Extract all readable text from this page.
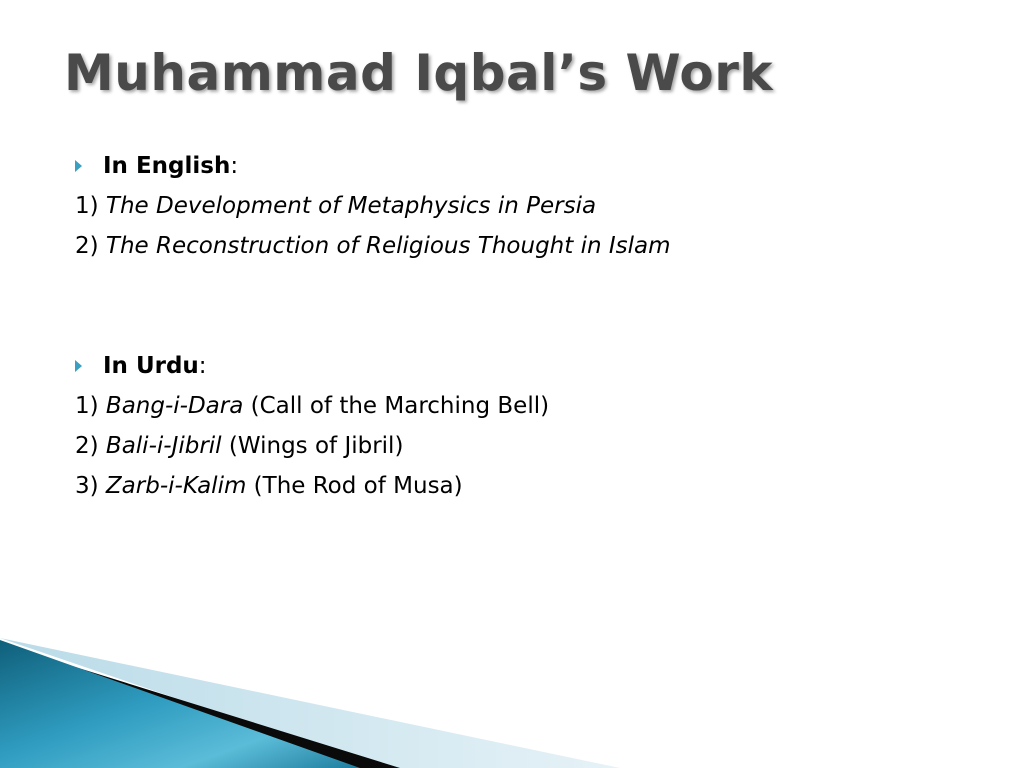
Muhammad Iqbal’s Work
In English:
1) The Development of Metaphysics in Persia
2) The Reconstruction of Religious Thought in Islam
In Urdu:
1) Bang-i-Dara (Call of the Marching Bell)
2) Bali-i-Jibril (Wings of Jibril)
3) Zarb-i-Kalim (The Rod of Musa)
